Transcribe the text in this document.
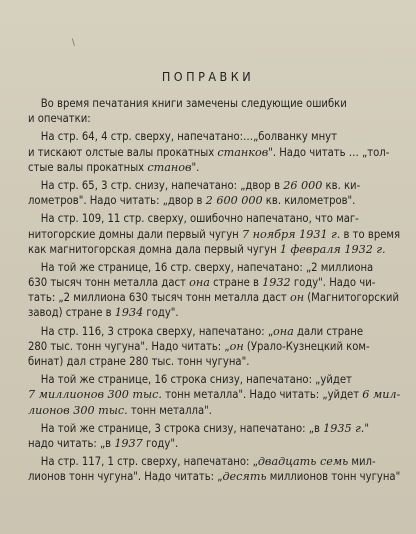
\
ПОПРАВКИ
Во время печатания книги замечены следующие ошибки
и опечатки:
На стр. 64, 4 стр. сверху, напечатано:…„болванку мнут
и тискают олстые валы прокатных станков". Надо читать … „тол-
стые валы прокатных станов".
На стр. 65, 3 стр. снизу, напечатано: „двор в 26 000 кв. ки-
лометров". Надо читать: „двор в 2 600 000 кв. километров".
На стр. 109, 11 стр. сверху, ошибочно напечатано, что маг-
нитогорские домны дали первый чугун 7 ноября 1931 г. в то время
как магнитогорская домна дала первый чугун 1 февраля 1932 г.
На той же странице, 16 стр. сверху, напечатано: „2 миллиона
630 тысяч тонн металла даст она стране в 1932 году". Надо чи-
тать: „2 миллиона 630 тысяч тонн металла даст он (Магнитогорский
завод) стране в 1934 году".
На стр. 116, 3 строка сверху, напечатано: „она дали стране
280 тыс. тонн чугуна". Надо читать: „он (Урало-Кузнецкий ком-
бинат) дал стране 280 тыс. тонн чугуна".
На той же странице, 16 строка снизу, напечатано: „уйдет
7 миллионов 300 тыс. тонн металла". Надо читать: „уйдет 6 мил-
лионов 300 тыс. тонн металла".
На той же странице, 3 строка снизу, напечатано: „в 1935 г."
надо читать: „в 1937 году".
На стр. 117, 1 стр. сверху, напечатано: „двадцать семь мил-
лионов тонн чугуна". Надо читать: „десять миллионов тонн чугуна"
